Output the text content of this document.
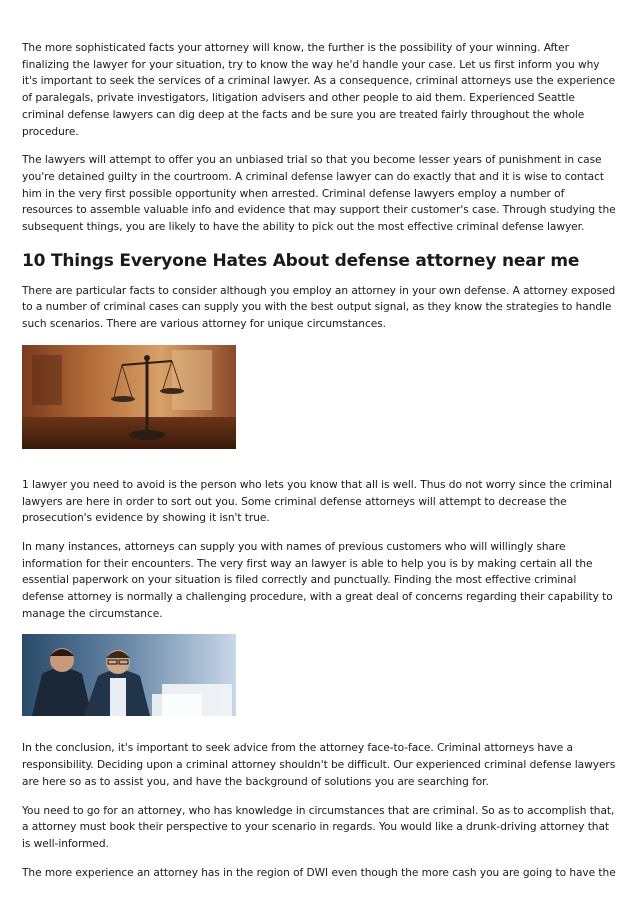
The more sophisticated facts your attorney will know, the further is the possibility of your winning. After finalizing the lawyer for your situation, try to know the way he'd handle your case. Let us first inform you why it's important to seek the services of a criminal lawyer. As a consequence, criminal attorneys use the experience of paralegals, private investigators, litigation advisers and other people to aid them. Experienced Seattle criminal defense lawyers can dig deep at the facts and be sure you are treated fairly throughout the whole procedure.

The lawyers will attempt to offer you an unbiased trial so that you become lesser years of punishment in case you're detained guilty in the courtroom. A criminal defense lawyer can do exactly that and it is wise to contact him in the very first possible opportunity when arrested. Criminal defense lawyers employ a number of resources to assemble valuable info and evidence that may support their customer's case. Through studying the subsequent things, you are likely to have the ability to pick out the most effective criminal defense lawyer.

10 Things Everyone Hates About defense attorney near me

There are particular facts to consider although you employ an attorney in your own defense. A attorney exposed to a number of criminal cases can supply you with the best output signal, as they know the strategies to handle such scenarios. There are various attorney for unique circumstances.

1 lawyer you need to avoid is the person who lets you know that all is well. Thus do not worry since the criminal lawyers are here in order to sort out you. Some criminal defense attorneys will attempt to decrease the prosecution's evidence by showing it isn't true.

In many instances, attorneys can supply you with names of previous customers who will willingly share information for their encounters. The very first way an lawyer is able to help you is by making certain all the essential paperwork on your situation is filed correctly and punctually. Finding the most effective criminal defense attorney is normally a challenging procedure, with a great deal of concerns regarding their capability to manage the circumstance.

In the conclusion, it's important to seek advice from the attorney face-to-face. Criminal attorneys have a responsibility. Deciding upon a criminal attorney shouldn't be difficult. Our experienced criminal defense lawyers are here so as to assist you, and have the background of solutions you are searching for.

You need to go for an attorney, who has knowledge in circumstances that are criminal. So as to accomplish that, a attorney must book their perspective to your scenario in regards. You would like a drunk-driving attorney that is well-informed.

The more experience an attorney has in the region of DWI even though the more cash you are going to have the
